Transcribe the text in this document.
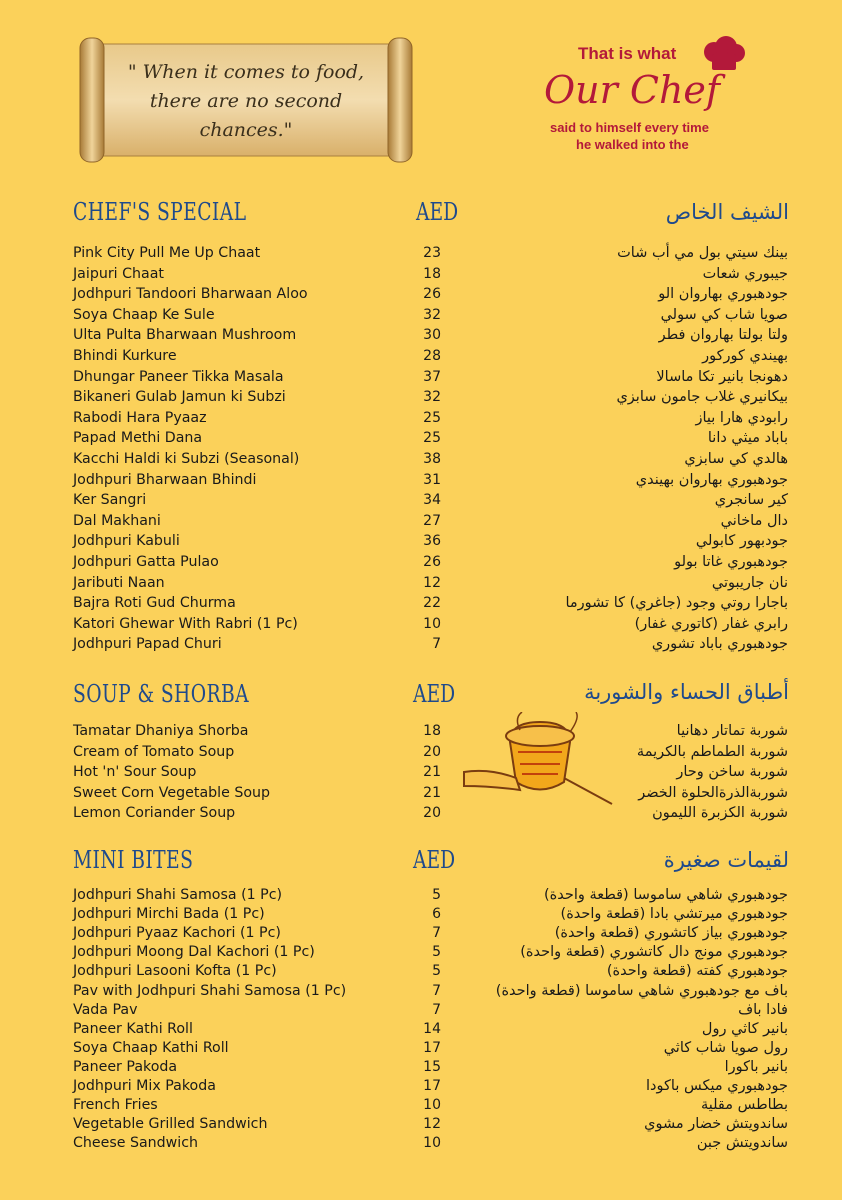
" When it comes to food, there are no second chances."
That is what
Our Chef
said to himself every time
he walked into the
CHEF'S SPECIAL	AED	الشيف الخاص
Pink City Pull Me Up Chaat	23	بينك سيتي بول مي أب شات
Jaipuri Chaat	18	جيبوري شعات
Jodhpuri Tandoori Bharwaan Aloo	26	جودهبوري بهاروان الو
Soya Chaap Ke Sule	32	صويا شاب كي سولي
Ulta Pulta Bharwaan Mushroom	30	ولتا بولتا بهاروان فطر
Bhindi Kurkure	28	بهيندي كوركور
Dhungar Paneer Tikka Masala	37	دهونجا بانير تكا ماسالا
Bikaneri Gulab Jamun ki Subzi	32	بيكانيري غلاب جامون سابزي
Rabodi Hara Pyaaz	25	رابودي هارا بياز
Papad Methi Dana	25	باباد ميثي دانا
Kacchi Haldi ki Subzi (Seasonal)	38	هالدي كي سابزي
Jodhpuri Bharwaan Bhindi	31	جودهبوري بهاروان بهيندي
Ker Sangri	34	كير سانجري
Dal Makhani	27	دال ماخاني
Jodhpuri Kabuli	36	جودبهور كابولي
Jodhpuri Gatta Pulao	26	جودهبوري غاتا بولو
Jaributi Naan	12	نان جاريبوتي
Bajra Roti Gud Churma	22	باجارا روتي وجود (جاغري) كا تشورما
Katori Ghewar With Rabri (1 Pc)	10	رابري غفار (كاتوري غفار)
Jodhpuri Papad Churi	7	جودهبوري باباد تشوري
SOUP & SHORBA	AED	أطباق الحساء والشوربة
Tamatar Dhaniya Shorba	18	شوربة تماتار دهانيا
Cream of Tomato Soup	20	شوربة الطماطم بالكريمة
Hot 'n' Sour Soup	21	شوربة ساخن وحار
Sweet Corn Vegetable Soup	21	شوربةالذرةالحلوة الخضر
Lemon Coriander Soup	20	شوربة الكزبرة الليمون
MINI BITES	AED	لقيمات صغيرة
Jodhpuri Shahi Samosa (1 Pc)	5	جودهبوري شاهي ساموسا (قطعة واحدة)
Jodhpuri Mirchi Bada (1 Pc)	6	جودهبوري ميرتشي بادا (قطعة واحدة)
Jodhpuri Pyaaz Kachori (1 Pc)	7	جودهبوري بياز كاتشوري (قطعة واحدة)
Jodhpuri Moong Dal Kachori (1 Pc)	5	جودهبوري مونج دال كاتشوري (قطعة واحدة)
Jodhpuri Lasooni Kofta (1 Pc)	5	جودهبوري كفته (قطعة واحدة)
Pav with Jodhpuri Shahi Samosa (1 Pc)	7	باف مع جودهبوري شاهي ساموسا (قطعة واحدة)
Vada Pav	7	فادا باف
Paneer Kathi Roll	14	بانير كاثي رول
Soya Chaap Kathi Roll	17	رول صويا شاب كاثي
Paneer Pakoda	15	بانير باكورا
Jodhpuri Mix Pakoda	17	جودهبوري ميكس باكودا
French Fries	10	بطاطس مقلية
Vegetable Grilled Sandwich	12	ساندويتش خضار مشوي
Cheese Sandwich	10	ساندويتش جبن
